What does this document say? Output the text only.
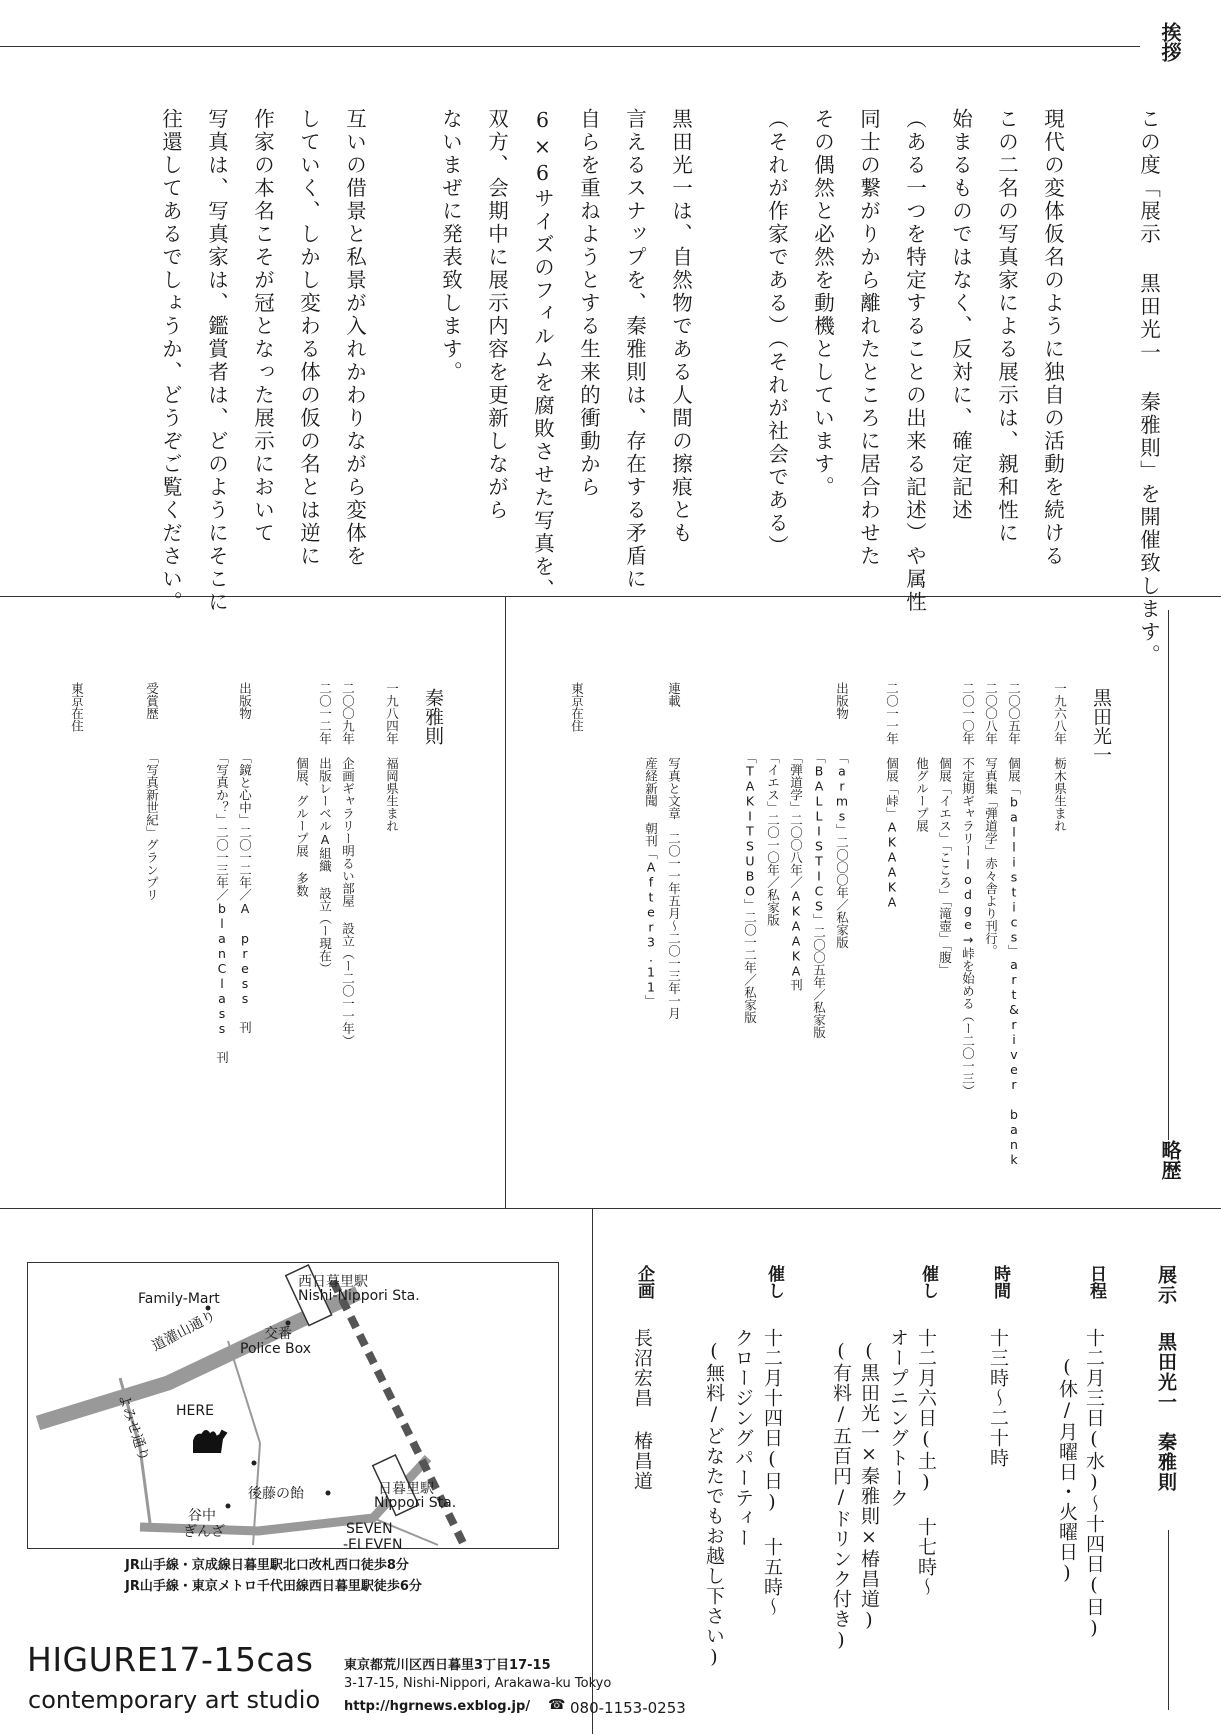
挨拶
この度「展示 黒田光一 秦雅則」を開催致します。
現代の変体仮名のように独自の活動を続ける
この二名の写真家による展示は、親和性に
始まるものではなく、反対に、確定記述
（ある一つを特定することの出来る記述）や属性
同士の繋がりから離れたところに居合わせた
その偶然と必然を動機としています。
（それが作家である）（それが社会である）
黒田光一は、自然物である人間の擦痕とも
言えるスナップを、秦雅則は、存在する矛盾に
自らを重ねようとする生来的衝動から
6×6サイズのフィルムを腐敗させた写真を、
双方、会期中に展示内容を更新しながら
ないまぜに発表致します。
互いの借景と私景が入れかわりながら変体を
していく、しかし変わる体の仮の名とは逆に
作家の本名こそが冠となった展示において
写真は、写真家は、鑑賞者は、どのようにそこに
往還してあるでしょうか、どうぞご覧ください。
略歴
黒田光一
一九六八年　栃木県生まれ
二〇〇五年　個展「ballistics」art&river bank
二〇〇八年　写真集「弾道学」赤々舎より刊行。
二〇一〇年　不定期ギャラリーlodge→峠を始める（ー二〇一三）
　　　　　　個展「イエス」「こころ」「滝壺」「腹」
　　　　　　他グループ展
二〇一一年　個展「峠」AKAAKA
出版物　　　「arms」二〇〇〇年／私家版
　　　　　　「BALLISTICS」二〇〇五年／私家版
　　　　　　「弾道学」二〇〇八年／AKAAKA刊
　　　　　　「イエス」二〇一〇年／私家版
　　　　　　「TAKITSUBO」二〇一二年／私家版
連載　　　　写真と文章　二〇一一年五月〜二〇一三年一月
　　　　　　産経新聞 朝刊「After3.11」
東京在住
秦雅則
一九八四年　福岡県生まれ
二〇〇九年　企画ギャラリー明るい部屋 設立（ー二〇一一年）
二〇一二年　出版レーベルA組織 設立（ー現在）
　　　　　　個展、グループ展 多数
出版物　　　「鏡と心中」二〇一二年／A press 刊
　　　　　　「写真か？」二〇一三年／blanClass 刊
受賞歴　　　「写真新世紀」グランプリ
東京在住
展示
黒田光一　秦雅則
日程
十二月三日(水)〜十四日(日)
(休/月曜日・火曜日)
時間
十三時〜二十時
催し
十二月六日(土) 十七時〜
オープニングトーク
(黒田光一×秦雅則×椿昌道)
(有料/五百円/ドリンク付き)
催し
十二月十四日(日) 十五時〜
クロージングパーティー
(無料/どなたでもお越し下さい)
企画
長沼宏昌 椿昌道
Family-Mart
西日暮里駅
Nishi-Nippori Sta.
交番
Police Box
道灌山通り
よみせ通り HERE
日暮里駅
Nippori Sta.
後藤の飴
谷中
ぎんざ	SEVEN
-ELEVEN
JR山手線・京成線日暮里駅北口改札西口徒歩8分
JR山手線・東京メトロ千代田線西日暮里駅徒歩6分
HIGURE17-15cas
contemporary art studio
東京都荒川区西日暮里3丁目17-15
3-17-15, Nishi-Nippori, Arakawa-ku Tokyo
http://hgrnews.exblog.jp/ ☎ 080-1153-0253
